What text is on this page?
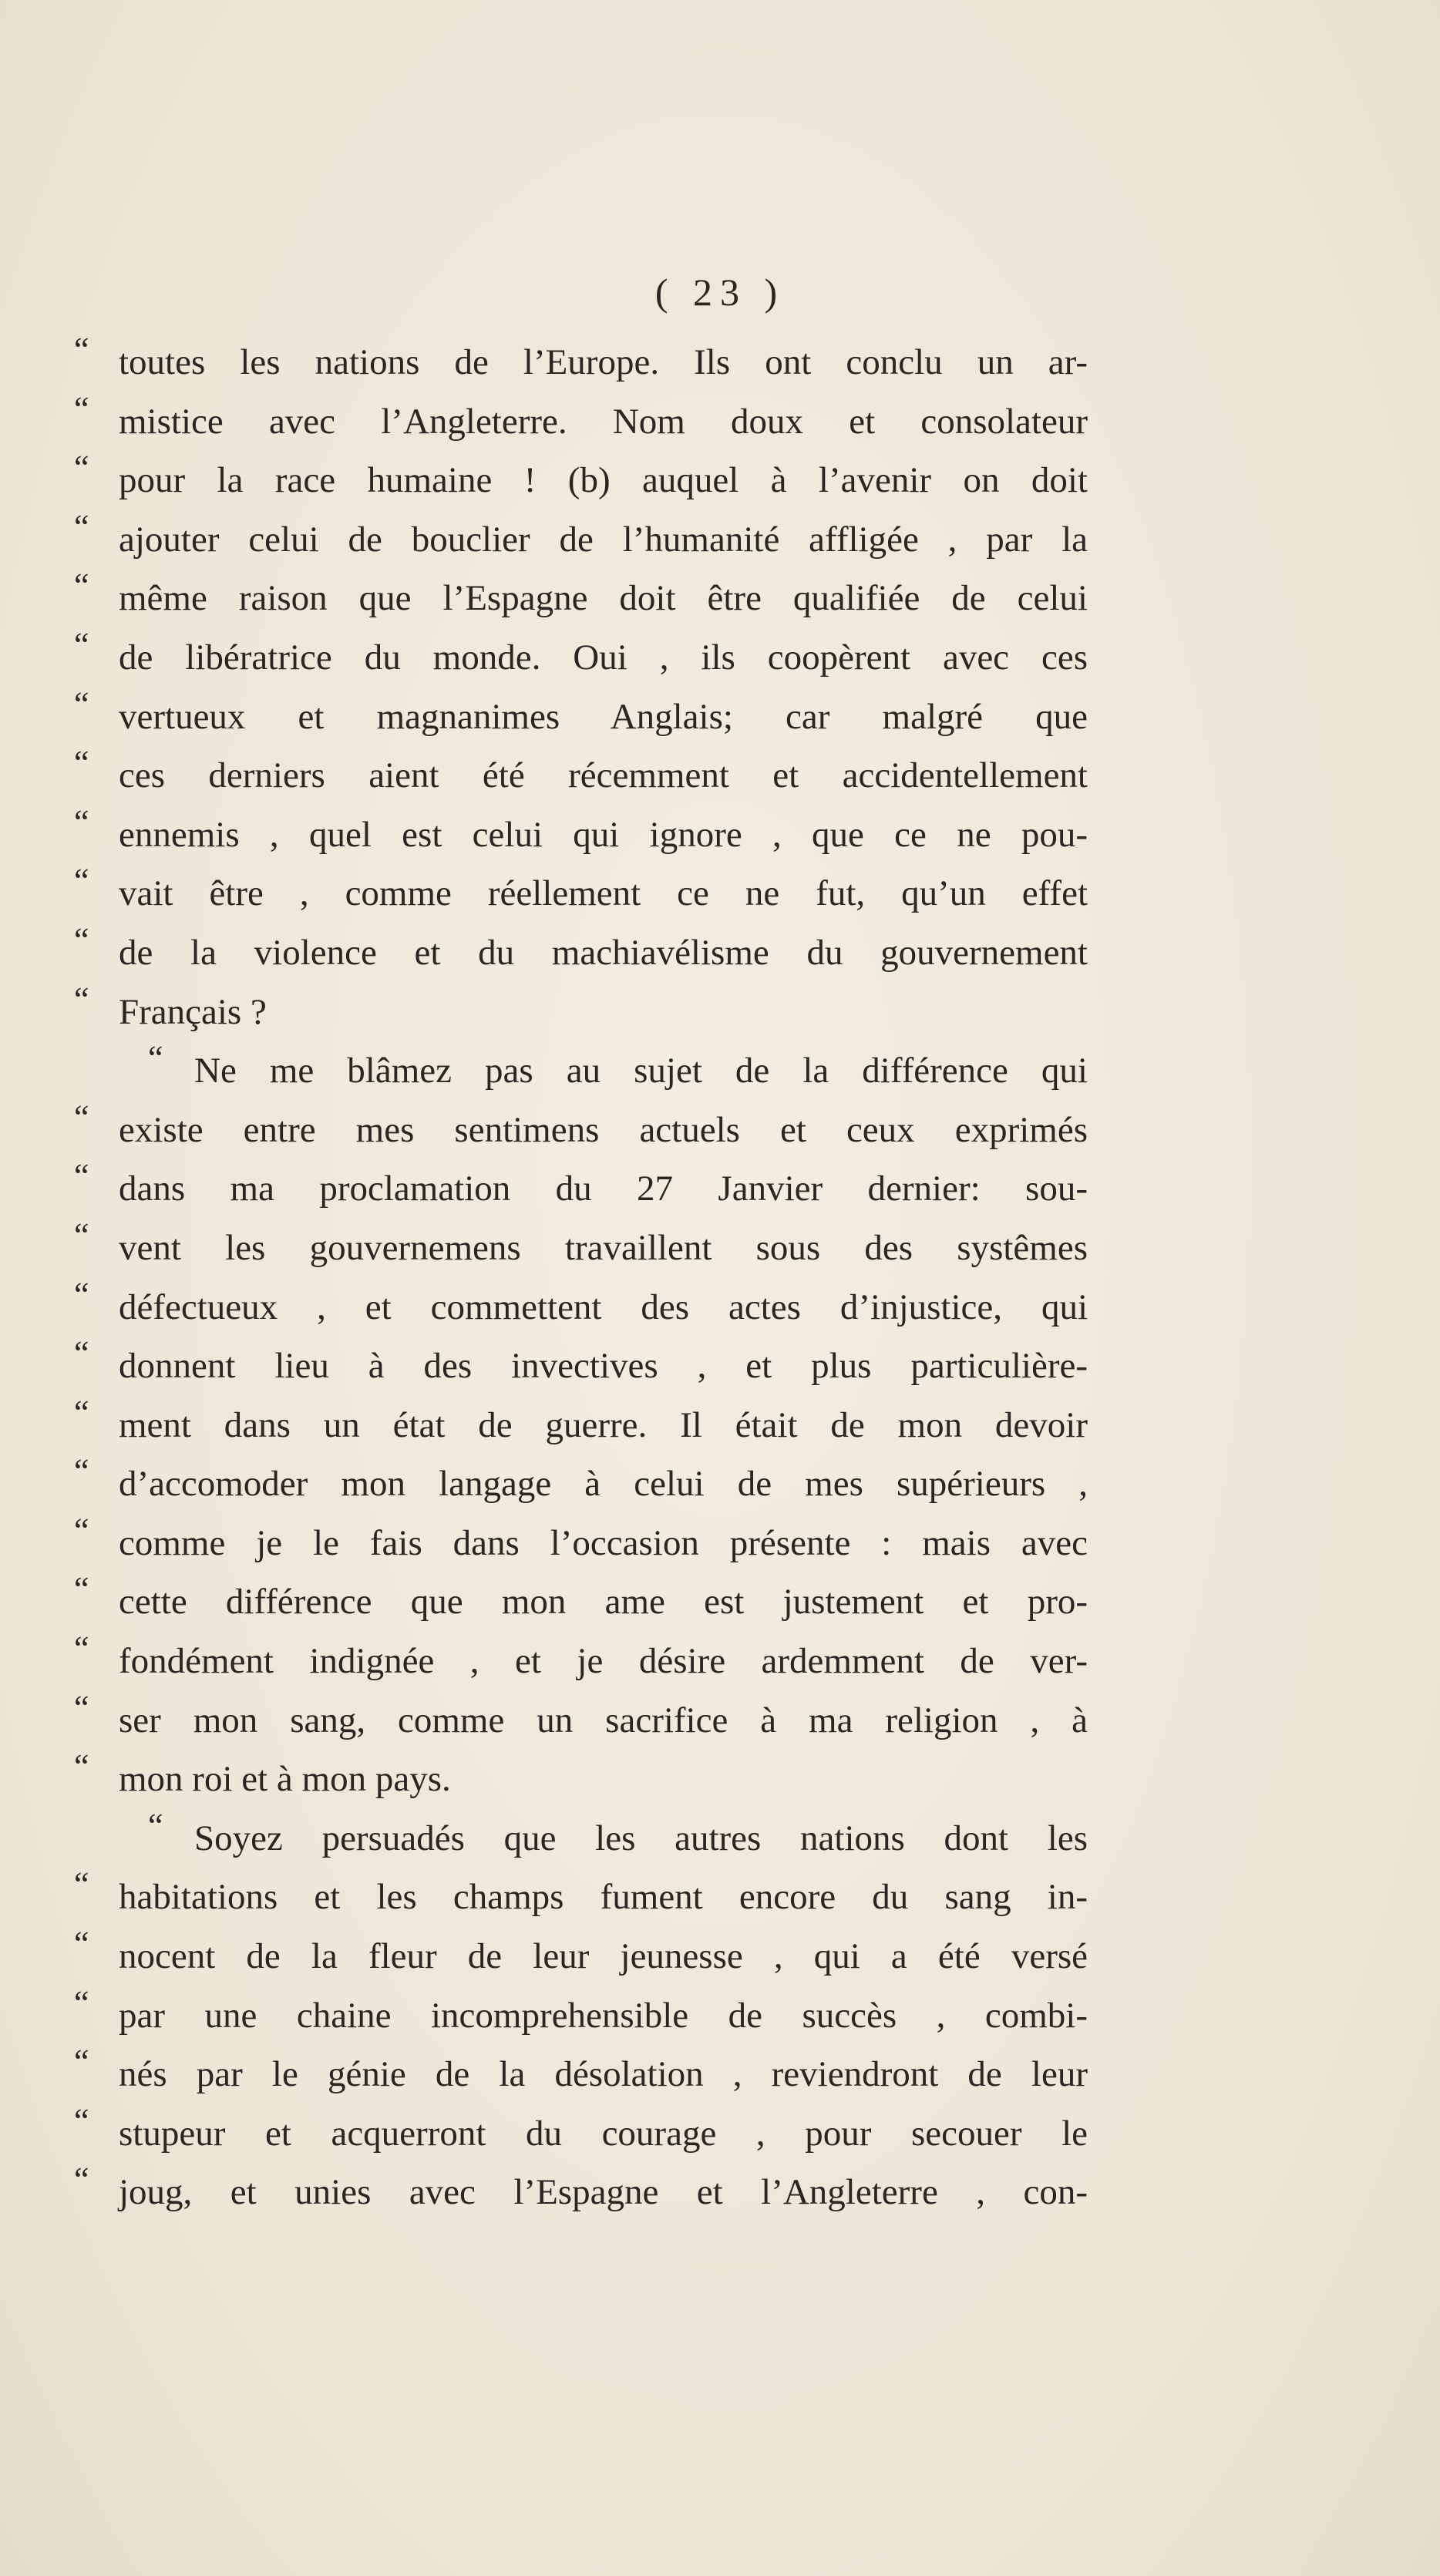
( 23 )
“ toutes les nations de l’Europe. Ils ont conclu un ar-
“ mistice avec l’Angleterre. Nom doux et consolateur
“ pour la race humaine ! (b) auquel à l’avenir on doit
“ ajouter celui de bouclier de l’humanité affligée , par la
“ même raison que l’Espagne doit être qualifiée de celui
“ de libératrice du monde. Oui , ils coopèrent avec ces
“ vertueux et magnanimes Anglais; car malgré que
“ ces derniers aient été récemment et accidentellement
“ ennemis , quel est celui qui ignore , que ce ne pou-
“ vait être , comme réellement ce ne fut, qu’un effet
“ de la violence et du machiavélisme du gouvernement
“ Français ?
“ Ne me blâmez pas au sujet de la différence qui
“ existe entre mes sentimens actuels et ceux exprimés
“ dans ma proclamation du 27 Janvier dernier: sou-
“ vent les gouvernemens travaillent sous des systêmes
“ défectueux , et commettent des actes d’injustice, qui
“ donnent lieu à des invectives , et plus particulière-
“ ment dans un état de guerre. Il était de mon devoir
“ d’accomoder mon langage à celui de mes supérieurs ,
“ comme je le fais dans l’occasion présente : mais avec
“ cette différence que mon ame est justement et pro-
“ fondément indignée , et je désire ardemment de ver-
“ ser mon sang, comme un sacrifice à ma religion , à
“ mon roi et à mon pays.
“ Soyez persuadés que les autres nations dont les
“ habitations et les champs fument encore du sang in-
“ nocent de la fleur de leur jeunesse , qui a été versé
“ par une chaine incomprehensible de succès , combi-
“ nés par le génie de la désolation , reviendront de leur
“ stupeur et acquerront du courage , pour secouer le
“ joug, et unies avec l’Espagne et l’Angleterre , con-
